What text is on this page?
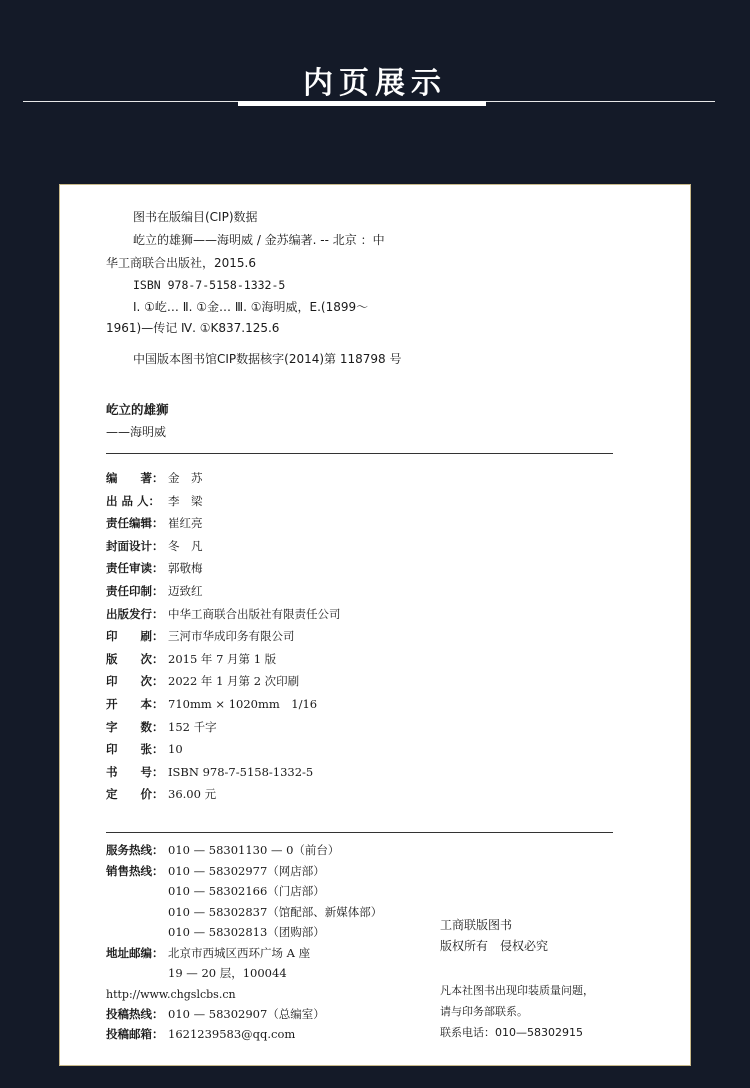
内页展示
图书在版编目(CIP)数据
屹立的雄狮——海明威 / 金苏编著. -- 北京 ：中
华工商联合出版社，2015.6
ISBN 978-7-5158-1332-5
Ⅰ. ①屹… Ⅱ. ①金… Ⅲ. ①海明威，E.(1899～
1961)—传记 Ⅳ. ①K837.125.6
中国版本图书馆CIP数据核字(2014)第 118798 号
屹立的雄狮
——海明威
编　　著： 金　苏
出 品 人： 李　梁
责任编辑： 崔红亮
封面设计： 冬　凡
责任审读： 郭敬梅
责任印制： 迈致红
出版发行： 中华工商联合出版社有限责任公司
印　　刷： 三河市华成印务有限公司
版　　次： 2015 年 7 月第 1 版
印　　次： 2022 年 1 月第 2 次印刷
开　　本： 710mm × 1020mm　1/16
字　　数： 152 千字
印　　张： 10
书　　号： ISBN 978-7-5158-1332-5
定　　价： 36.00 元
服务热线： 010 — 58301130 — 0（前台）
销售热线： 010 — 58302977（网店部）
010 — 58302166（门店部）
010 — 58302837（馆配部、新媒体部）
010 — 58302813（团购部）
地址邮编： 北京市西城区西环广场 A 座
19 — 20 层，100044
http://www.chgslcbs.cn
投稿热线： 010 — 58302907（总编室）
投稿邮箱： 1621239583@qq.com
工商联版图书
版权所有　侵权必究
凡本社图书出现印装质量问题，
请与印务部联系。
联系电话：010—58302915
